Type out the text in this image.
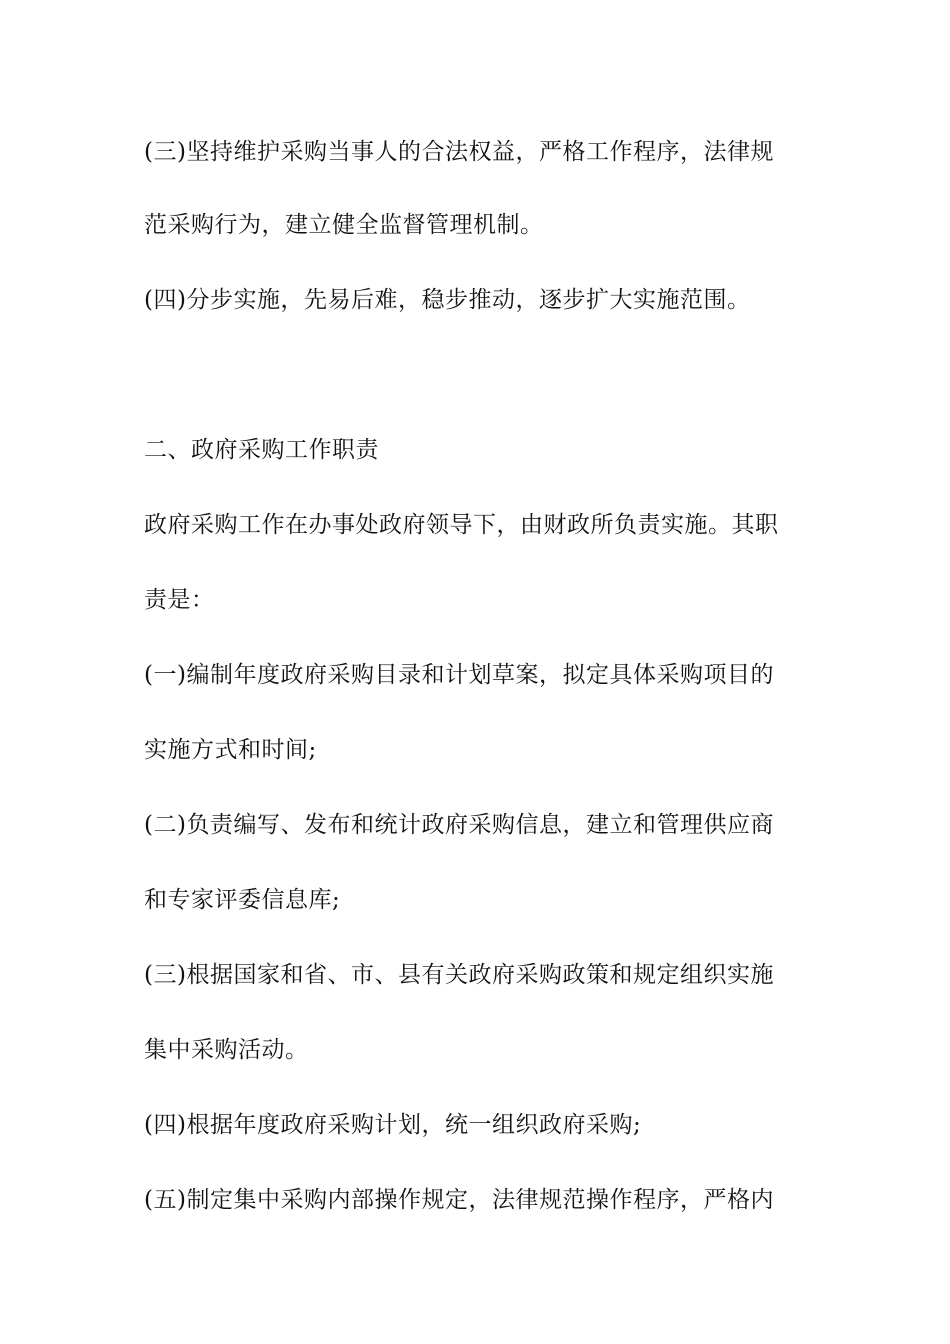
(三)坚持维护采购当事人的合法权益，严格工作程序，法律规
范采购行为，建立健全监督管理机制。
(四)分步实施，先易后难，稳步推动，逐步扩大实施范围。
二、政府采购工作职责
政府采购工作在办事处政府领导下，由财政所负责实施。其职
责是：
(一)编制年度政府采购目录和计划草案，拟定具体采购项目的
实施方式和时间;
(二)负责编写、发布和统计政府采购信息，建立和管理供应商
和专家评委信息库;
(三)根据国家和省、市、县有关政府采购政策和规定组织实施
集中采购活动。
(四)根据年度政府采购计划，统一组织政府采购;
(五)制定集中采购内部操作规定，法律规范操作程序，严格内
